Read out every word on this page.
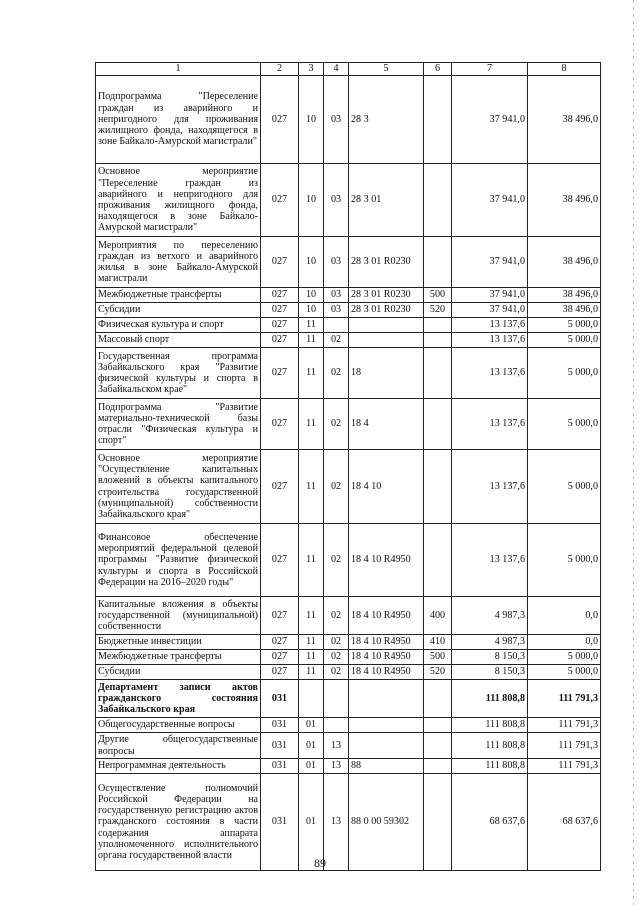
1	2	3	4	5	6	7	8
Подпрограмма "Переселение граждан из аварийного и непригодного для проживания жилищного фонда, находящегося в зоне Байкало-Амурской магистрали"	027	10	03	28 3		37 941,0	38 496,0
Основное мероприятие "Переселение граждан из аварийного и непригодного для проживания жилищного фонда, находящегося в зоне Байкало-Амурской магистрали"	027	10	03	28 3 01		37 941,0	38 496,0
Мероприятия по переселению граждан из ветхого и аварийного жилья в зоне Байкало-Амурской магистрали	027	10	03	28 3 01 R0230		37 941,0	38 496,0
Межбюджетные трансферты	027	10	03	28 3 01 R0230	500	37 941,0	38 496,0
Субсидии	027	10	03	28 3 01 R0230	520	37 941,0	38 496,0
Физическая культура и спорт	027	11				13 137,6	5 000,0
Массовый спорт	027	11	02			13 137,6	5 000,0
Государственная программа Забайкальского края "Развитие физической культуры и спорта в Забайкальском крае"	027	11	02	18		13 137,6	5 000,0
Подпрограмма "Развитие материально-технической базы отрасли "Физическая культура и спорт"	027	11	02	18 4		13 137,6	5 000,0
Основное мероприятие "Осуществление капитальных вложений в объекты капитального строительства государственной (муниципальной) собственности Забайкальского края"	027	11	02	18 4 10		13 137,6	5 000,0
Финансовое обеспечение мероприятий федеральной целевой программы "Развитие физической культуры и спорта в Российской Федерации на 2016–2020 годы"	027	11	02	18 4 10 R4950		13 137,6	5 000,0
Капитальные вложения в объекты государственной (муниципальной) собственности	027	11	02	18 4 10 R4950	400	4 987,3	0,0
Бюджетные инвестиции	027	11	02	18 4 10 R4950	410	4 987,3	0,0
Межбюджетные трансферты	027	11	02	18 4 10 R4950	500	8 150,3	5 000,0
Субсидии	027	11	02	18 4 10 R4950	520	8 150,3	5 000,0
Департамент записи актов гражданского состояния Забайкальского края	031					111 808,8	111 791,3
Общегосударственные вопросы	031	01				111 808,8	111 791,3
Другие общегосударственные вопросы	031	01	13			111 808,8	111 791,3
Непрограммная деятельность	031	01	13	88		111 808,8	111 791,3
Осуществление полномочий Российской Федерации на государственную регистрацию актов гражданского состояния в части содержания аппарата уполномоченного исполнительного органа государственной власти	031	01	13	88 0 00 59302		68 637,6	68 637,6
89
